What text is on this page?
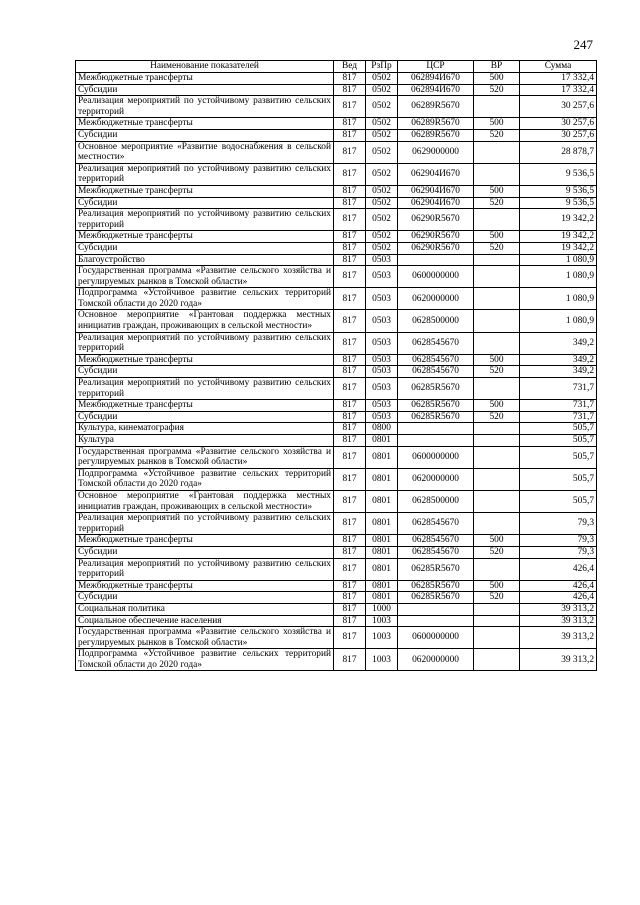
247
Наименование показателей	Вед	РзПр	ЦСР	ВР	Сумма
Межбюджетные трансферты	817	0502	062894И670	500	17 332,4
Субсидии	817	0502	062894И670	520	17 332,4
Реализация мероприятий по устойчивому развитию сельских территорий	817	0502	06289R5670		30 257,6
Межбюджетные трансферты	817	0502	06289R5670	500	30 257,6
Субсидии	817	0502	06289R5670	520	30 257,6
Основное мероприятие «Развитие водоснабжения в сельской местности»	817	0502	0629000000		28 878,7
Реализация мероприятий по устойчивому развитию сельских территорий	817	0502	062904И670		9 536,5
Межбюджетные трансферты	817	0502	062904И670	500	9 536,5
Субсидии	817	0502	062904И670	520	9 536,5
Реализация мероприятий по устойчивому развитию сельских территорий	817	0502	06290R5670		19 342,2
Межбюджетные трансферты	817	0502	06290R5670	500	19 342,2
Субсидии	817	0502	06290R5670	520	19 342,2
Благоустройство	817	0503			1 080,9
Государственная программа «Развитие сельского хозяйства и регулируемых рынков в Томской области»	817	0503	0600000000		1 080,9
Подпрограмма «Устойчивое развитие сельских территорий Томской области до 2020 года»	817	0503	0620000000		1 080,9
Основное мероприятие «Грантовая поддержка местных инициатив граждан, проживающих в сельской местности»	817	0503	0628500000		1 080,9
Реализация мероприятий по устойчивому развитию сельских территорий	817	0503	0628545670		349,2
Межбюджетные трансферты	817	0503	0628545670	500	349,2
Субсидии	817	0503	0628545670	520	349,2
Реализация мероприятий по устойчивому развитию сельских территорий	817	0503	06285R5670		731,7
Межбюджетные трансферты	817	0503	06285R5670	500	731,7
Субсидии	817	0503	06285R5670	520	731,7
Культура, кинематография	817	0800			505,7
Культура	817	0801			505,7
Государственная программа «Развитие сельского хозяйства и регулируемых рынков в Томской области»	817	0801	0600000000		505,7
Подпрограмма «Устойчивое развитие сельских территорий Томской области до 2020 года»	817	0801	0620000000		505,7
Основное мероприятие «Грантовая поддержка местных инициатив граждан, проживающих в сельской местности»	817	0801	0628500000		505,7
Реализация мероприятий по устойчивому развитию сельских территорий	817	0801	0628545670		79,3
Межбюджетные трансферты	817	0801	0628545670	500	79,3
Субсидии	817	0801	0628545670	520	79,3
Реализация мероприятий по устойчивому развитию сельских территорий	817	0801	06285R5670		426,4
Межбюджетные трансферты	817	0801	06285R5670	500	426,4
Субсидии	817	0801	06285R5670	520	426,4
Социальная политика	817	1000			39 313,2
Социальное обеспечение населения	817	1003			39 313,2
Государственная программа «Развитие сельского хозяйства и регулируемых рынков в Томской области»	817	1003	0600000000		39 313,2
Подпрограмма «Устойчивое развитие сельских территорий Томской области до 2020 года»	817	1003	0620000000		39 313,2
